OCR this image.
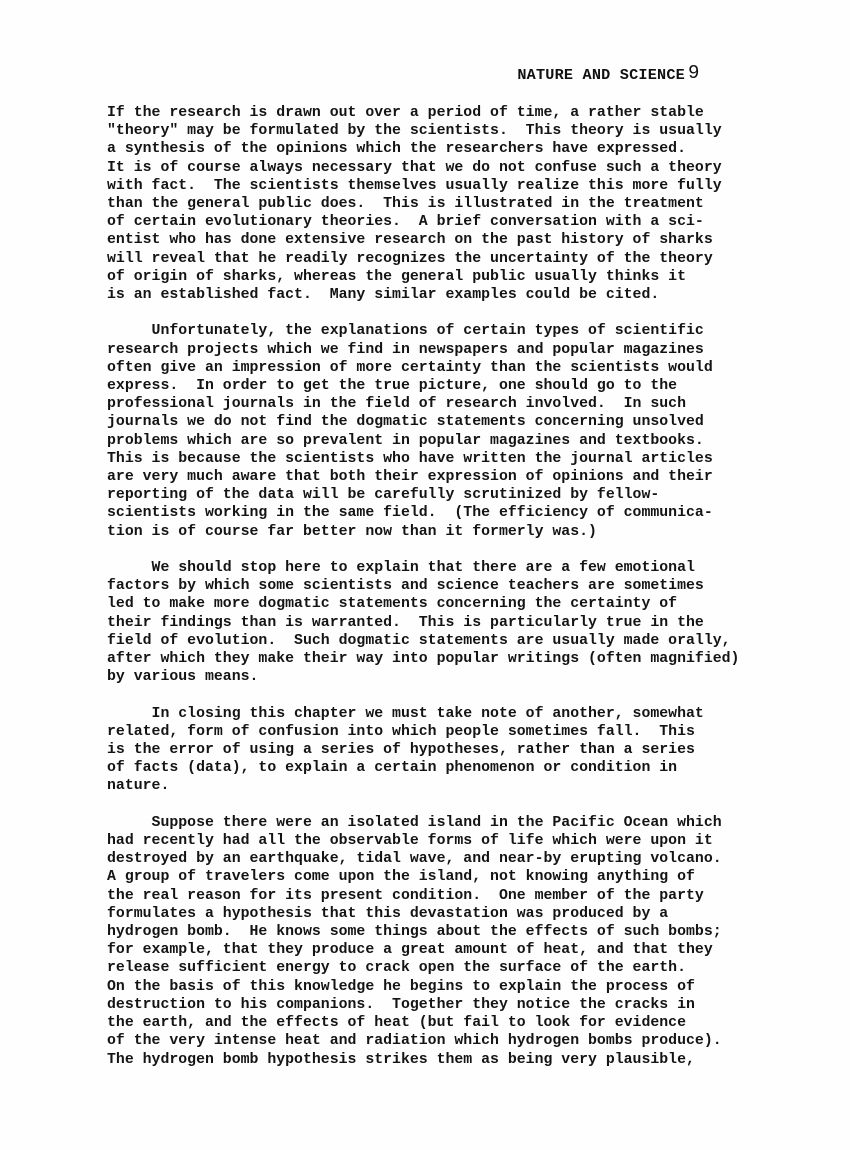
NATURE AND SCIENCE 9
If the research is drawn out over a period of time, a rather stable
"theory" may be formulated by the scientists.  This theory is usually
a synthesis of the opinions which the researchers have expressed.
It is of course always necessary that we do not confuse such a theory
with fact.  The scientists themselves usually realize this more fully
than the general public does.  This is illustrated in the treatment
of certain evolutionary theories.  A brief conversation with a sci-
entist who has done extensive research on the past history of sharks
will reveal that he readily recognizes the uncertainty of the theory
of origin of sharks, whereas the general public usually thinks it
is an established fact.  Many similar examples could be cited.
Unfortunately, the explanations of certain types of scientific
research projects which we find in newspapers and popular magazines
often give an impression of more certainty than the scientists would
express.  In order to get the true picture, one should go to the
professional journals in the field of research involved.  In such
journals we do not find the dogmatic statements concerning unsolved
problems which are so prevalent in popular magazines and textbooks.
This is because the scientists who have written the journal articles
are very much aware that both their expression of opinions and their
reporting of the data will be carefully scrutinized by fellow-
scientists working in the same field.  (The efficiency of communica-
tion is of course far better now than it formerly was.)
We should stop here to explain that there are a few emotional
factors by which some scientists and science teachers are sometimes
led to make more dogmatic statements concerning the certainty of
their findings than is warranted.  This is particularly true in the
field of evolution.  Such dogmatic statements are usually made orally,
after which they make their way into popular writings (often magnified)
by various means.
In closing this chapter we must take note of another, somewhat
related, form of confusion into which people sometimes fall.  This
is the error of using a series of hypotheses, rather than a series
of facts (data), to explain a certain phenomenon or condition in
nature.
Suppose there were an isolated island in the Pacific Ocean which
had recently had all the observable forms of life which were upon it
destroyed by an earthquake, tidal wave, and near-by erupting volcano.
A group of travelers come upon the island, not knowing anything of
the real reason for its present condition.  One member of the party
formulates a hypothesis that this devastation was produced by a
hydrogen bomb.  He knows some things about the effects of such bombs;
for example, that they produce a great amount of heat, and that they
release sufficient energy to crack open the surface of the earth.
On the basis of this knowledge he begins to explain the process of
destruction to his companions.  Together they notice the cracks in
the earth, and the effects of heat (but fail to look for evidence
of the very intense heat and radiation which hydrogen bombs produce).
The hydrogen bomb hypothesis strikes them as being very plausible,
